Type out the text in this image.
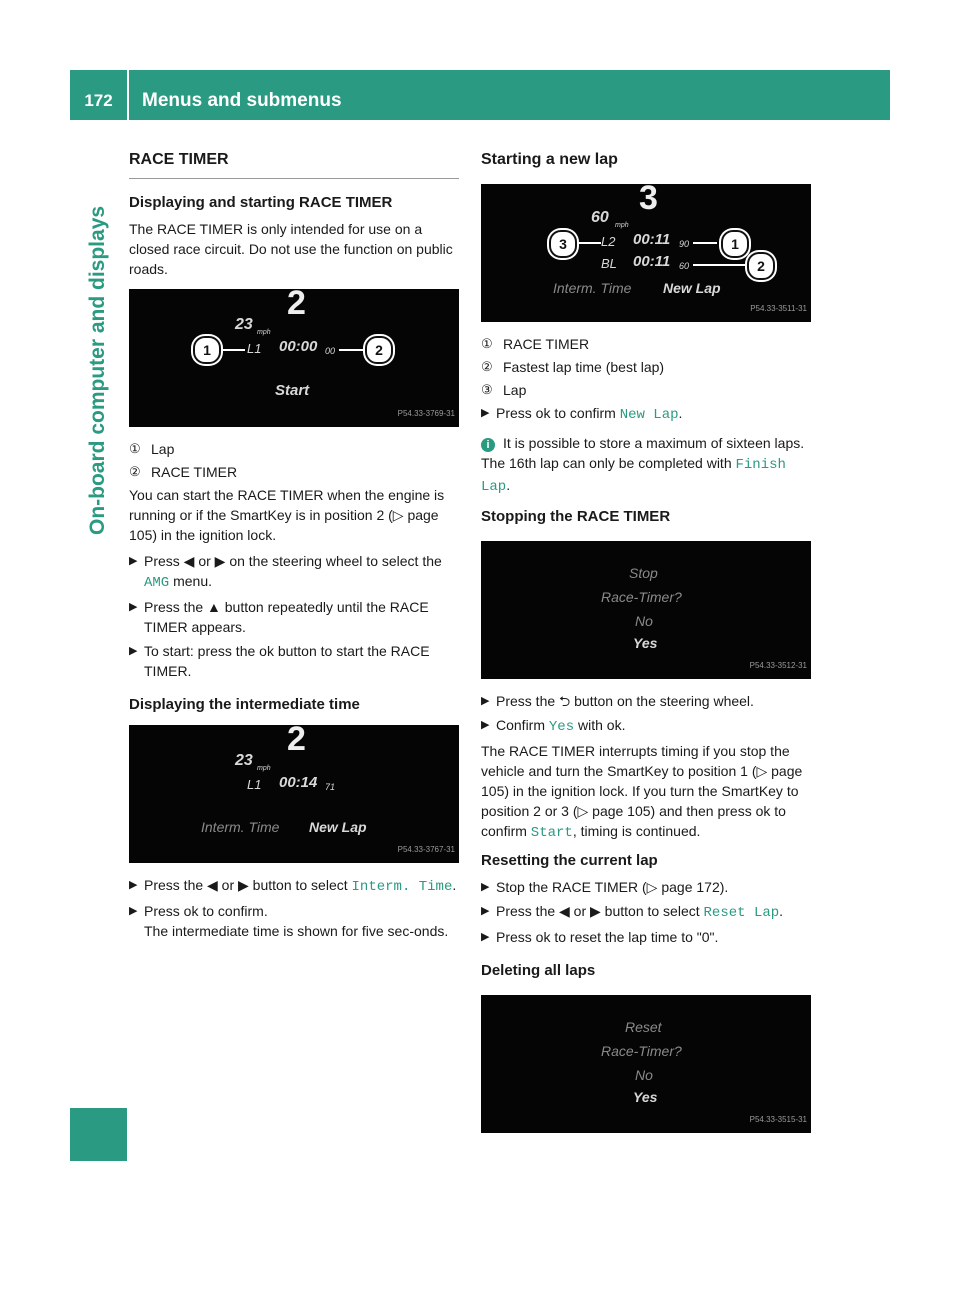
172	Menus and submenus
On-board computer and displays
RACE TIMER
Displaying and starting RACE TIMER

The RACE TIMER is only intended for use on a closed race circuit. Do not use the function on public roads.

2
23 mph
L1 00:00 00
1	2
Start
P54.33-3769-31
① Lap
② RACE TIMER

You can start the RACE TIMER when the engine is running or if the SmartKey is in position 2 (▷ page 105) in the ignition lock.

▶ Press ◀ or ▶ on the steering wheel to select the AMG menu.
▶ Press the ▲ button repeatedly until the RACE TIMER appears.
▶ To start: press the ok button to start the RACE TIMER.
Displaying the intermediate time
2
23 mph
L1 00:14 71
Interm. Time New Lap
P54.33-3767-31
▶ Press the ◀ or ▶ button to select Interm. Time.
▶ Press ok to confirm.

The intermediate time is shown for five sec-onds.

Starting a new lap
3
60 mph
L2 00:11 90
BL 00:11 60
3	1
2
Interm. Time New Lap
P54.33-3511-31
① RACE TIMER
② Fastest lap time (best lap)
③ Lap
▶ Press ok to confirm New Lap.

i It is possible to store a maximum of sixteen laps. The 16th lap can only be completed with Finish Lap.

Stopping the RACE TIMER
Stop
Race-Timer?
No
Yes
P54.33-3512-31
▶ Press the ⮌ button on the steering wheel.
▶ Confirm Yes with ok.

The RACE TIMER interrupts timing if you stop the vehicle and turn the SmartKey to position 1 (▷ page 105) in the ignition lock. If you turn the SmartKey to position 2 or 3 (▷ page 105) and then press ok to confirm Start, timing is continued.

Resetting the current lap
▶ Stop the RACE TIMER (▷ page 172).
▶ Press the ◀ or ▶ button to select Reset Lap.
▶ Press ok to reset the lap time to "0".
Deleting all laps
Reset
Race-Timer?
No
Yes
P54.33-3515-31
